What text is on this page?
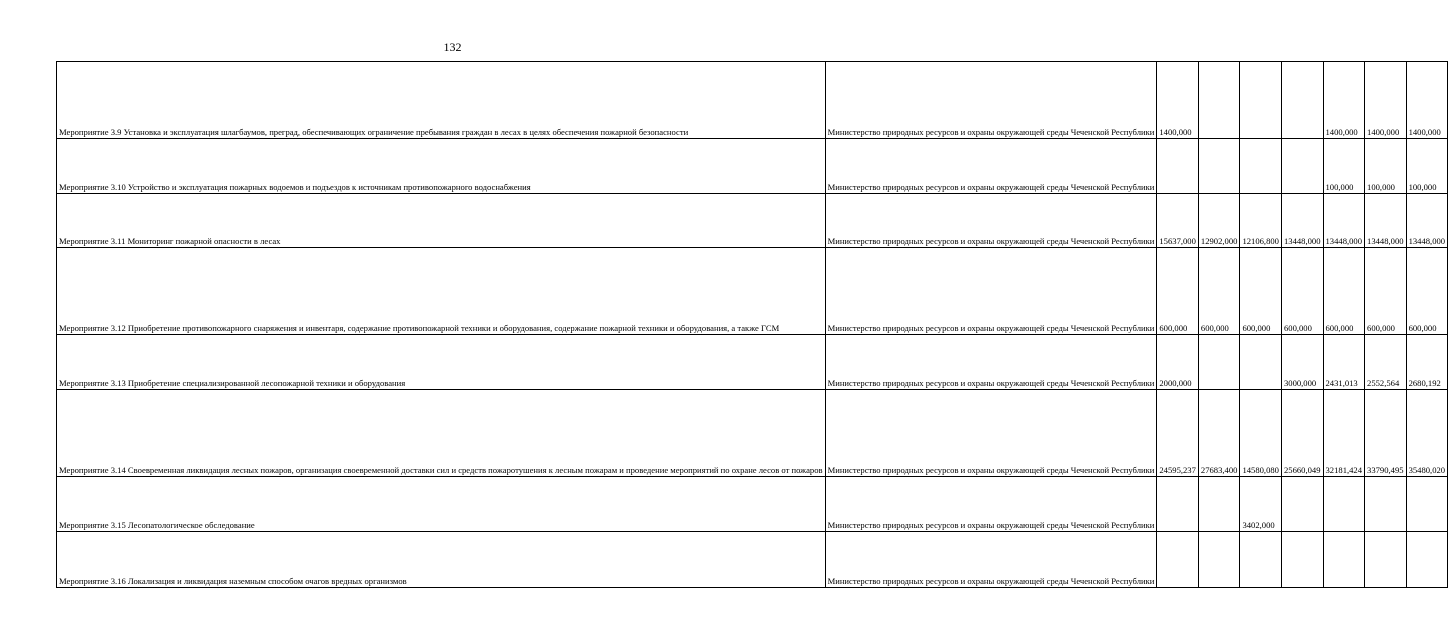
132
Мероприятие 3.9 Установка и эксплуатация шлагбаумов, преград, обеспечивающих ограничение пребывания граждан в лесах в целях обеспечения пожарной безопасности	Министерство природных ресурсов и охраны окружающей среды Чеченской Республики	1400,000				1400,000	1400,000	1400,000
Мероприятие 3.10 Устройство и эксплуатация пожарных водоемов и подъездов к источникам противопожарного водоснабжения	Министерство природных ресурсов и охраны окружающей среды Чеченской Республики					100,000	100,000	100,000
Мероприятие 3.11 Мониторинг пожарной опасности в лесах	Министерство природных ресурсов и охраны окружающей среды Чеченской Республики	15637,000	12902,000	12106,800	13448,000	13448,000	13448,000	13448,000
Мероприятие 3.12 Приобретение противопожарного снаряжения и инвентаря, содержание противопожарной техники и оборудования, содержание пожарной техники и оборудования, а также ГСМ	Министерство природных ресурсов и охраны окружающей среды Чеченской Республики	600,000	600,000	600,000	600,000	600,000	600,000	600,000
Мероприятие 3.13 Приобретение специализированной лесопожарной техники и оборудования	Министерство природных ресурсов и охраны окружающей среды Чеченской Республики	2000,000			3000,000	2431,013	2552,564	2680,192
Мероприятие 3.14 Своевременная ликвидация лесных пожаров, организация своевременной доставки сил и средств пожаротушения к лесным пожарам и проведение мероприятий по охране лесов от пожаров	Министерство природных ресурсов и охраны окружающей среды Чеченской Республики	24595,237	27683,400	14580,080	25660,049	32181,424	33790,495	35480,020
Мероприятие 3.15 Лесопатологическое обследование	Министерство природных ресурсов и охраны окружающей среды Чеченской Республики			3402,000				
Мероприятие 3.16 Локализация и ликвидация наземным способом очагов вредных организмов	Министерство природных ресурсов и охраны окружающей среды Чеченской Республики							
